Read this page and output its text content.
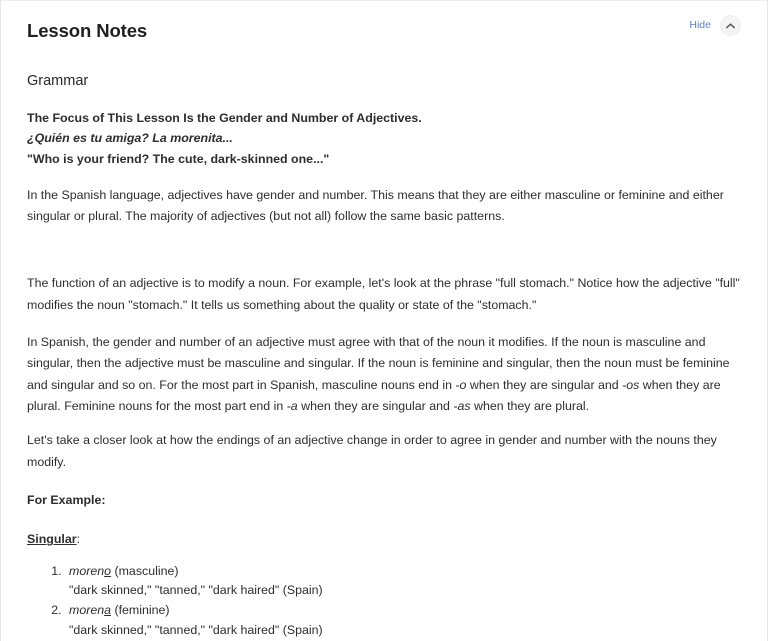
Lesson Notes	Hide
Grammar
The Focus of This Lesson Is the Gender and Number of Adjectives.
¿Quién es tu amiga? La morenita...
"Who is your friend? The cute, dark-skinned one..."

In the Spanish language, adjectives have gender and number. This means that they are either masculine or feminine and either singular or plural. The majority of adjectives (but not all) follow the same basic patterns.

The function of an adjective is to modify a noun. For example, let's look at the phrase "full stomach." Notice how the adjective "full" modifies the noun "stomach." It tells us something about the quality or state of the "stomach."

In Spanish, the gender and number of an adjective must agree with that of the noun it modifies. If the noun is masculine and singular, then the adjective must be masculine and singular. If the noun is feminine and singular, then the noun must be feminine and singular and so on. For the most part in Spanish, masculine nouns end in -o when they are singular and -os when they are plural. Feminine nouns for the most part end in -a when they are singular and -as when they are plural.

Let's take a closer look at how the endings of an adjective change in order to agree in gender and number with the nouns they modify.

For Example:

Singular:

1. moreno (masculine)
"dark skinned," "tanned," "dark haired" (Spain)
2. morena (feminine)
"dark skinned," "tanned," "dark haired" (Spain)
